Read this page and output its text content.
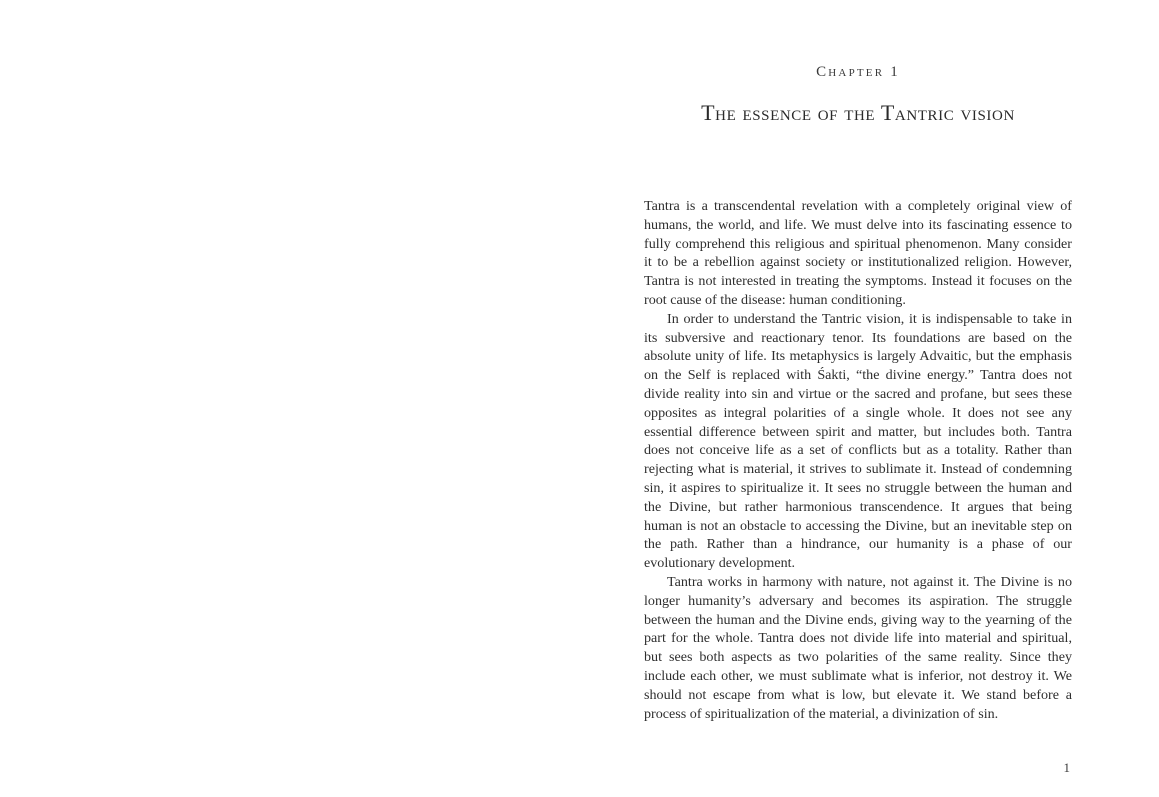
Chapter 1
The essence of the Tantric vision

Tantra is a transcendental revelation with a completely original view of humans, the world, and life. We must delve into its fascinating essence to fully comprehend this religious and spiritual phenomenon. Many consider it to be a rebellion against society or institutionalized religion. However, Tantra is not interested in treating the symptoms. Instead it focuses on the root cause of the disease: human conditioning.

In order to understand the Tantric vision, it is indispensable to take in its subversive and reactionary tenor. Its foundations are based on the absolute unity of life. Its metaphysics is largely Advaitic, but the emphasis on the Self is replaced with Śakti, “the divine energy.” Tantra does not divide reality into sin and virtue or the sacred and profane, but sees these opposites as integral polarities of a single whole. It does not see any essential difference between spirit and matter, but includes both. Tantra does not conceive life as a set of conflicts but as a totality. Rather than rejecting what is material, it strives to sublimate it. Instead of condemning sin, it aspires to spiritualize it. It sees no struggle between the human and the Divine, but rather harmonious transcendence. It argues that being human is not an obstacle to accessing the Divine, but an inevitable step on the path. Rather than a hindrance, our humanity is a phase of our evolutionary development.

Tantra works in harmony with nature, not against it. The Divine is no longer humanity’s adversary and becomes its aspiration. The struggle between the human and the Divine ends, giving way to the yearning of the part for the whole. Tantra does not divide life into material and spiritual, but sees both aspects as two polarities of the same reality. Since they include each other, we must sublimate what is inferior, not destroy it. We should not escape from what is low, but elevate it. We stand before a process of spiritualization of the material, a divinization of sin.

1
